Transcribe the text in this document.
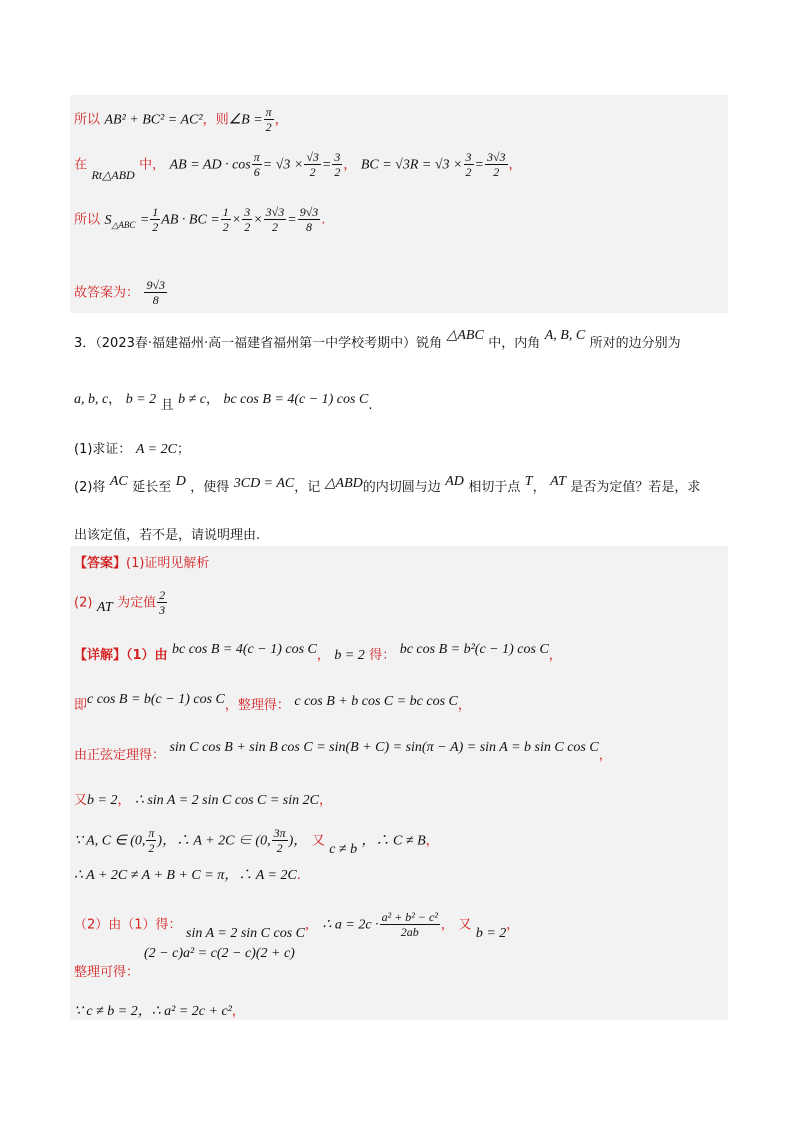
所以 AB² + BC² = AC²，则∠B = $\frac{\pi}{2}$ ，
在 Rt△ABD 中， AB = AD · $\cos \frac{\pi}{6} = √3 \times \frac{√3}{2} = \frac{3}{2}$ ， BC = $√3R = √3 \times \frac{3}{2} = \frac{3√3}{2}$ ，
所以 $S_{\triangle ABC} = \frac{1}{2}$ AB · BC = $\frac{1}{2} \times \frac{3}{2} \times \frac{3√3}{2} = \frac{9√3}{8}$ .
故答案为： $\frac{9√3}{8}$
3．（2023春·福建福州·高一福建省福州第一中学校考期中）锐角 △ABC 中，内角 A, B, C 所对的边分别为
a, b, c， b = 2 且 b ≠ c， bc cos B = 4(c − 1) cos C.
(1)求证： A = 2C；
(2)将 AC 延长至 D ，使得 3CD = AC，记 △ABD的内切圆与边 AD 相切于点 T， AT 是否为定值？若是，求
出该定值，若不是，请说明理由.
【答案】(1)证明见解析
(2) AT 为定值 $\frac{2}{3}$
【详解】（1）由 bc cos B = 4(c − 1) cos C， b = 2 得： bc cos B = b²(c − 1) cos C，
即c cos B = b(c − 1) cos C，整理得： c cos B + b cos C = bc cos C，
由正弦定理得： sin C cos B + sin B cos C = sin(B + C) = sin(π − A) = sin A = b sin C cos C，
又b = 2， ∴ sin A = 2 sin C cos C = sin 2C，
∵ A, C ∈ (0, $\frac{\pi}{2}$ )，∴ A + 2C ∈ (0, $\frac{3\pi}{2}$ )， 又 c ≠ b ，∴ C ≠ B，
∴ A + 2C ≠ A + B + C = π，∴ A = 2C.
（2）由（1）得： sin A = 2 sin C cos C， ∴ $a = 2c \cdot \frac{\text{a² + b² − c²}}{2ab}$ ， 又 b = 2，
(2 − c)a² = c(2 − c)(2 + c)
整理可得：
∵ c ≠ b = 2，∴ a² = 2c + c²，
